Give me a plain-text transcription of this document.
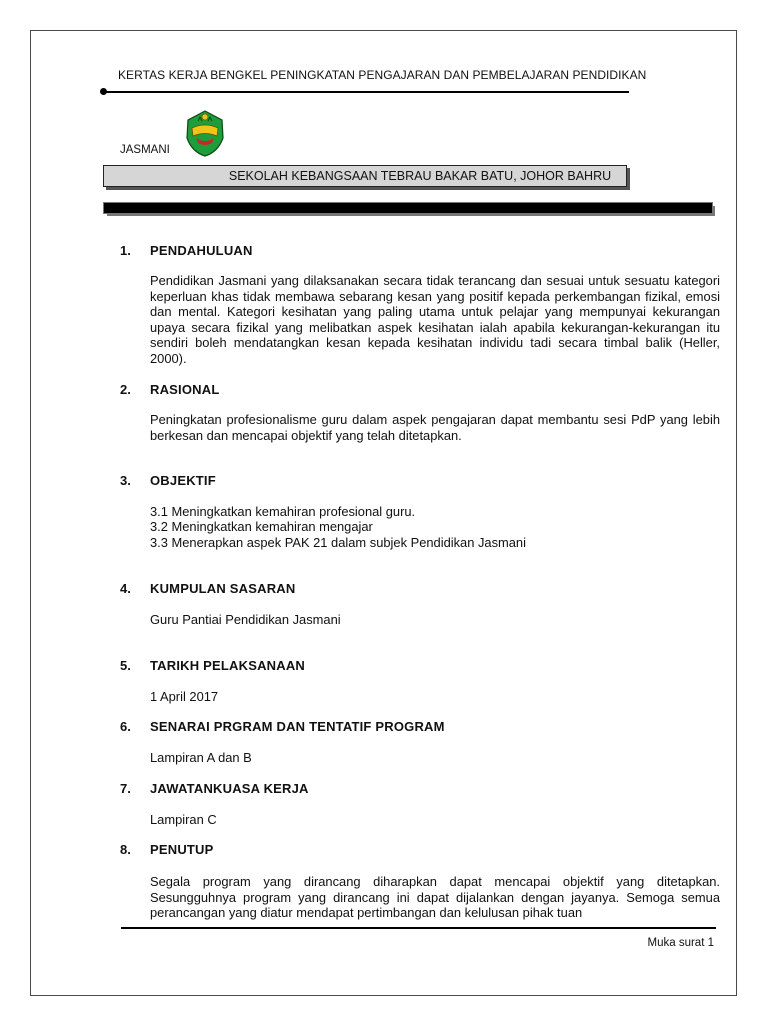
KERTAS KERJA BENGKEL PENINGKATAN PENGAJARAN DAN PEMBELAJARAN PENDIDIKAN
JASMANI
SEKOLAH KEBANGSAAN TEBRAU BAKAR BATU, JOHOR BAHRU
1. PENDAHULUAN

Pendidikan Jasmani yang dilaksanakan secara tidak terancang dan sesuai untuk sesuatu kategori keperluan khas tidak membawa sebarang kesan yang positif kepada perkembangan fizikal, emosi dan mental. Kategori kesihatan yang paling utama untuk pelajar yang mempunyai kekurangan upaya secara fizikal yang melibatkan aspek kesihatan ialah apabila kekurangan-kekurangan itu sendiri boleh mendatangkan kesan kepada kesihatan individu tadi secara timbal balik (Heller, 2000).

2. RASIONAL

Peningkatan profesionalisme guru dalam aspek pengajaran dapat membantu sesi PdP yang lebih berkesan dan mencapai objektif yang telah ditetapkan.

3. OBJEKTIF
3.1 Meningkatkan kemahiran profesional guru.
3.2 Meningkatkan kemahiran mengajar
3.3 Menerapkan aspek PAK 21 dalam subjek Pendidikan Jasmani
4. KUMPULAN SASARAN
Guru Pantiai Pendidikan Jasmani
5. TARIKH PELAKSANAAN
1 April 2017
6. SENARAI PRGRAM DAN TENTATIF PROGRAM
Lampiran A dan B
7. JAWATANKUASA KERJA
Lampiran C
8. PENUTUP

Segala program yang dirancang diharapkan dapat mencapai objektif yang ditetapkan. Sesungguhnya program yang dirancang ini dapat dijalankan dengan jayanya. Semoga semua perancangan yang diatur mendapat pertimbangan dan kelulusan pihak tuan

Muka surat 1
